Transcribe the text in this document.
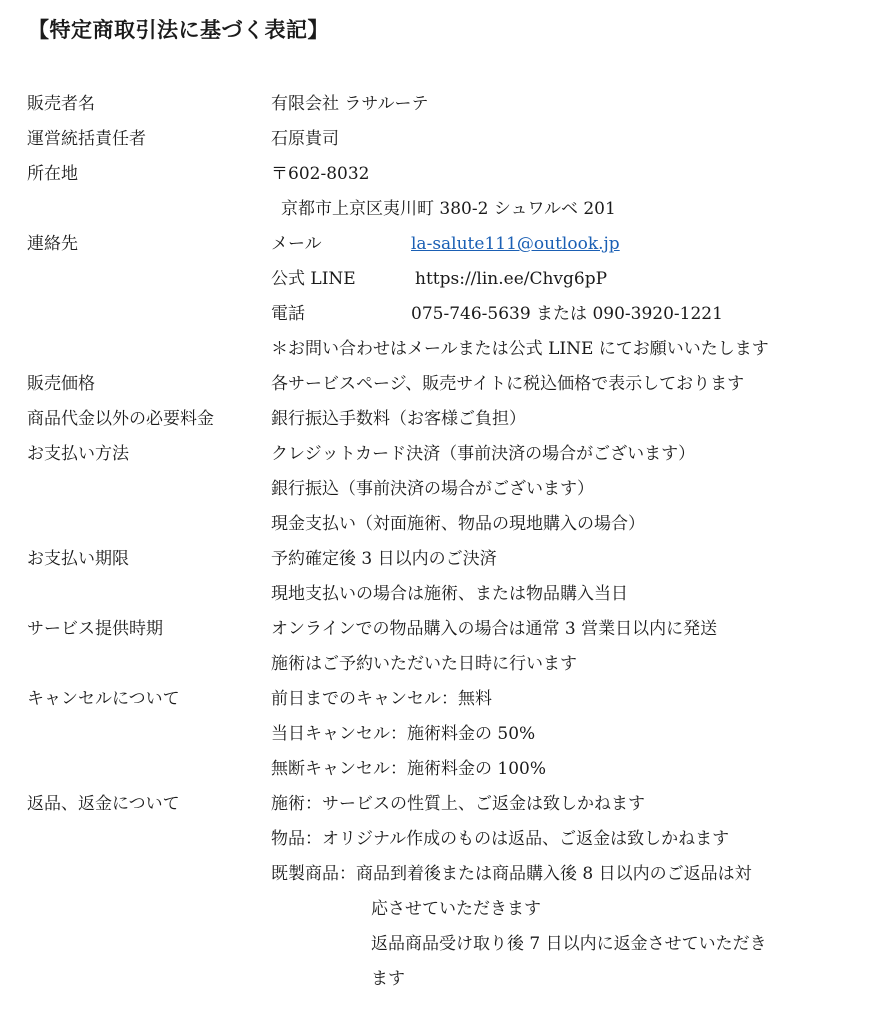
【特定商取引法に基づく表記】
販売者名	有限会社 ラサルーテ
運営統括責任者	石原貴司
所在地	〒602-8032
京都市上京区夷川町 380-2 シュワルベ 201
連絡先	メール	la-salute111@outlook.jp
公式 LINE	https://lin.ee/Chvg6pP
電話	075-746-5639 または 090-3920-1221
＊お問い合わせはメールまたは公式 LINE にてお願いいたします
販売価格	各サービスページ、販売サイトに税込価格で表示しております
商品代金以外の必要料金	銀行振込手数料（お客様ご負担）
お支払い方法	クレジットカード決済（事前決済の場合がございます）
銀行振込（事前決済の場合がございます）
現金支払い（対面施術、物品の現地購入の場合）
お支払い期限	予約確定後 3 日以内のご決済
現地支払いの場合は施術、または物品購入当日
サービス提供時期	オンラインでの物品購入の場合は通常 3 営業日以内に発送
施術はご予約いただいた日時に行います
キャンセルについて	前日までのキャンセル：無料
当日キャンセル：施術料金の 50%
無断キャンセル：施術料金の 100%
返品、返金について	施術：サービスの性質上、ご返金は致しかねます
物品：オリジナル作成のものは返品、ご返金は致しかねます
既製商品：商品到着後または商品購入後 8 日以内のご返品は対
応させていただきます
返品商品受け取り後 7 日以内に返金させていただき
ます
